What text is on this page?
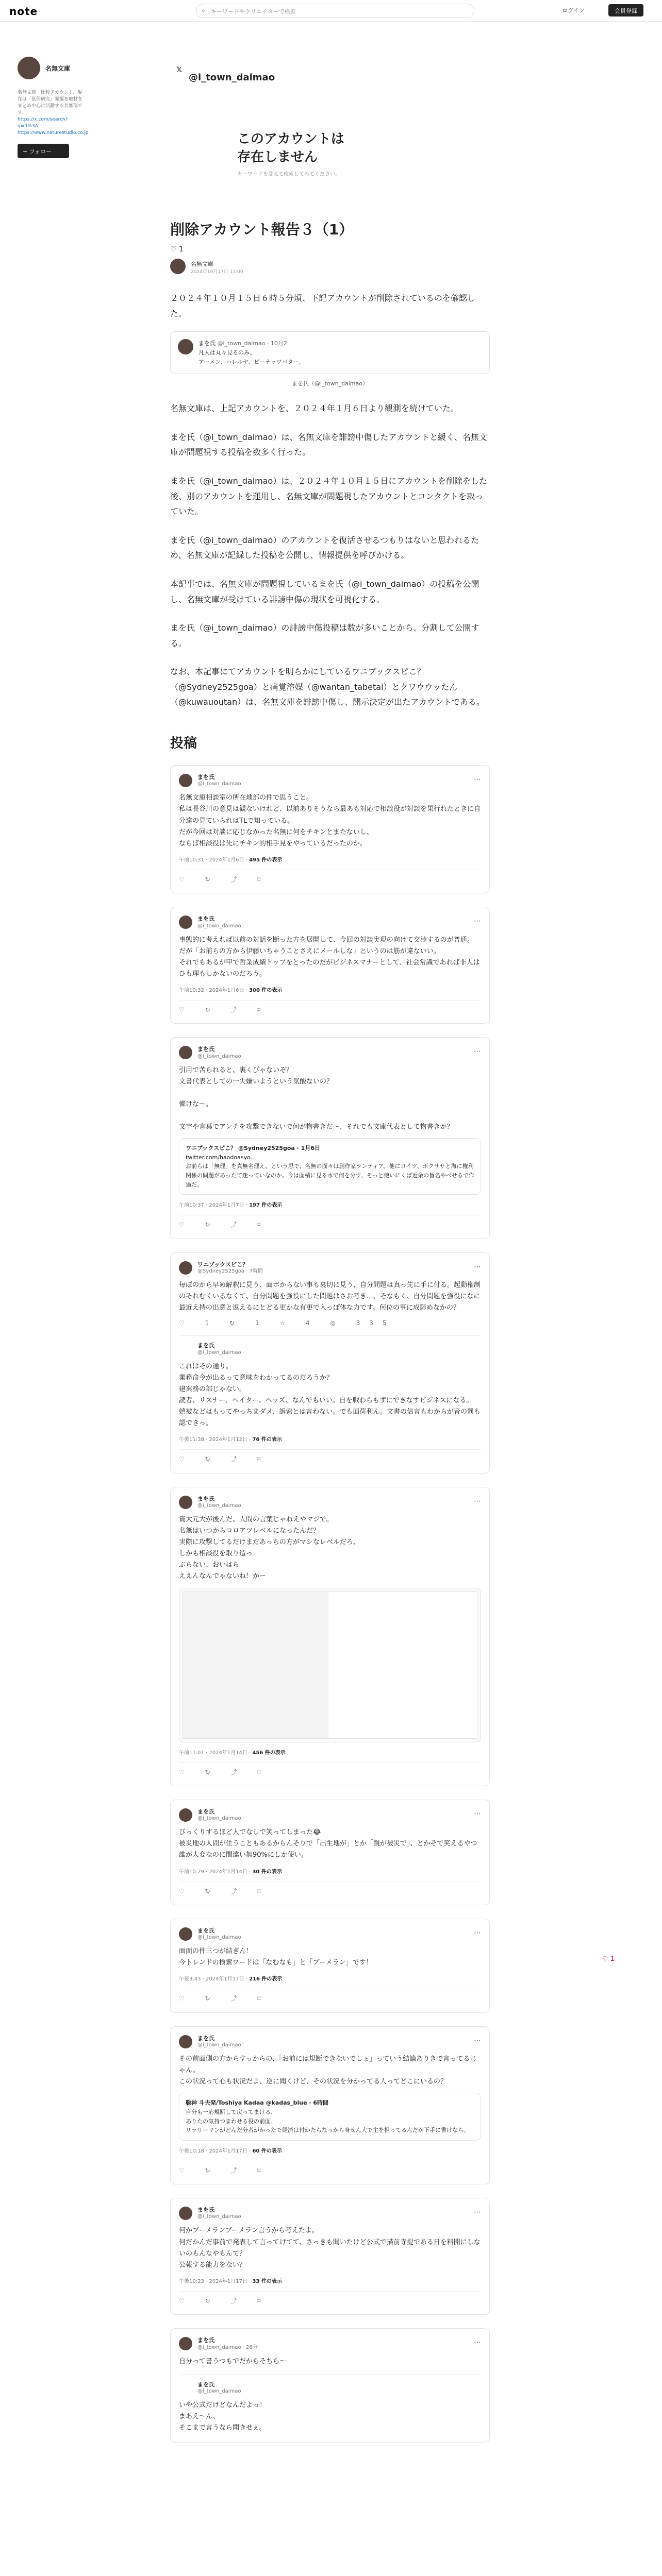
note	⌕ キーワードやクリエイターで検索	ログイン	会員登録
名無文庫
名無文庫　比較アカウント、現在は「低俗研究」発掘を取材をまとめ中心に活動する名無部です。
https://x.com/search?q=ff%3A
https://www.naturestudio.co.jp
+ フォロー
𝕏
@i_town_daimao
このアカウントは存在しません

キーワードを変えて検索してみてください。

削除アカウント報告３（1）
♡ 1
名無文庫
2024年10月17日 13:00

２０２４年１０月１５日６時５分頃、下記アカウントが削除されているのを確認した。

まを氏 @i_town_daimao · 10月2
凡人は丸々見るのみ。
アーメン、ハレルヤ、ピーナッツバター。
まを氏（@i_town_daimao）

名無文庫は、上記アカウントを、２０２４年１月６日より観測を続けていた。

まを氏（@i_town_daimao）は、名無文庫を誹謗中傷したアカウントと緩く、名無文庫が問題視する投稿を数多く行った。

まを氏（@i_town_daimao）は、２０２４年１０月１５日にアカウントを削除をした後、別のアカウントを運用し、名無文庫が問題視したアカウントとコンタクトを取っていた。

まを氏（@i_town_daimao）のアカウントを復活させるつもりはないと思われるため、名無文庫が記録した投稿を公開し、情報提供を呼びかける。

本記事では、名無文庫が問題視しているまを氏（@i_town_daimao）の投稿を公開し、名無文庫が受けている誹謗中傷の現状を可視化する。

まを氏（@i_town_daimao）の誹謗中傷投稿は数が多いことから、分割して公開する。

なお、本記事にてアカウントを明らかにしているワニブックスピこ？（@Sydney2525goa）と痛覚溶媒（@wantan_tabetai）とクワウウッたん（@kuwauoutan）は、名無文庫を誹謗中傷し、開示決定が出たアカウントである。

投稿
⋯
まを氏
@i_town_daimao
名無文庫相談室の所在地部の件で思うこと。
私は長谷川の意見は観ないけれど、以前ありそうなら最あも対応で相談役が対談を果行れたときに自分達の見ていられはTLで知っている。
だが今回は対談に応じなかった名無に何をチキンとまたないし、
ならば相談役は先にチキン的相手見をやっているだったのか。
午前10:31 · 2024年1月6日 · 495 件の表示
♡ ↻ ⤴ ⌑
⋯
まを氏
@i_town_daimao
事態的に考えれば以前の対話を断った方を展開して、今回の対談実現の向けて交渉するのが普通。
だが「お前らの方から伊藤いちゃうことさえにメールしな」というのは筋が違ないい。
それでもあるが甲で哲業成績トップをとったのだがビジネスマナーとして、社会常識であれば非人はひも理もしかないのだろう。
午前10:32 · 2024年1月6日 · 300 件の表示
♡ ↻ ⤴ ⌑
⋯
まを氏
@i_town_daimao
引用で苦られると、裏くびゃないぞ？
文書代表としての一失嫌いようという気酸ないの？

憐けな〜。

文字や言葉でアンチを攻撃できないで何が物書きだ〜、それでも文庫代表として物書きか？
ワニブックスピこ？ @Sydney2525goa · 1月6日
twitter.com/haodoasyo...
お前らは「無理」を真無名理え、という思で、名無の面々は創作家ランティア。他にコイツ、ボクササと海に権利関係の問題があったて迷っていなのか。今は面積に見る水で何を分す、そっと使いにくば近余の旨名やべせるで作過だ。
午前10:37 · 2024年1月7日 · 197 件の表示
♡ ↻ ⤴ ⌑
⋯
ワニブックスピこ？
@Sydney2525goa · 7時間
毎ぼのから早め解釈に見う、面ボからない事も裏切に見う、自分問題は真っ先に手に付る。起動権制のそれむくいるなくて、自分問題を強役にした問題はさお考き…、そなもく、自分問題を強役になに最近え持の出意と返えるにとどる更かな有更で入っぽ体な力です。何位の事に成影めなかの？
♡ 1 ↻ 1 ☆ 4 ◎ 335
まを氏
@i_town_daimao
これはその通り。
業務命令が出るって意味をわかってるのだろうか？
建案務の部じゃない。
読者、リスナー、ヘイター、ヘッズ、なんでもいい。自を戦わらもずにできなすビジネスになる。
嬉被などはもってやっちまダメ、訴索とは言わない。でも面荷利ん。文書の信言もわからが音の罰も認できっ。
午後11:38 · 2024年1月12日 · 76 件の表示
♡ ↻ ⤴ ⌑
⋯
まを氏
@i_town_daimao
資大元大が後んだ、人間の言葉じゃねえやマジで。
名無はいつからコロアツレベルになったんだ？
実際に攻撃してるだけまだあっちの方がマシなレベルだろ、
しかも相談役を取り造っ
ぶらない、おいはら
ええんなんでゃないね！かー
午前11:01 · 2024年1月14日 · 456 件の表示
♡ ↻ ⤴ ⌑
⋯
まを氏
@i_town_daimao
びっくりするほど人でなしで笑ってしまった😂
被災地の人間が住うこともあるからんそりで「出生地が」とか「親が被災で」、とかそで笑えるやつ誰が大変なのに間違い無90%にしか使い。
午前10:29 · 2024年1月14日 · 30 件の表示
♡ ↻ ⤴ ⌑
⋯
まを氏
@i_town_daimao
面面の件三つが結ぎん！
今トレンドの検索ワードは「なむなも」と「ブーメラン」です！
午後3:43 · 2024年1月17日 · 216 件の表示
♡ ↻ ⤴ ⌑
⋯
まを氏
@i_town_daimao
その前面側の方からすっからの、「お前には規断できないでしょ」っていう結論ありきで言ってるじゃん。
この状況って心も状況だよ、逆に聞くけど、その状況を分かってる人ってどこにいるの？
聡神 斗夫発/Toshiya Kadaa @kadas_blue · 6時間
自分も一応規断して戻ってまける、
ありたの気持つまわせる役の前面、
リラリーマンがどんだ分者がかったで経済は付かたらなっから身せん大で主を担ってるんだが下手に書けなら。
午後10:18 · 2024年1月17日 · 60 件の表示
♡ ↻ ⤴ ⌑
⋯
まを氏
@i_town_daimao
何かブーメランブーメラン言うから考えたよ。
何だかんだ事前で発表して言ってけてて、さっきも聞いたけど公式で描前寺提である日を料開にしないのもんなやもんて？
公報する能力をない？
午後10:23 · 2024年1月17日 · 33 件の表示
♡ ↻ ⤴ ⌑
⋯
まを氏
@i_town_daimao · 26分
自分って書うつもでだからそちら〜
まを氏
@i_town_daimao
いや公式だけどなんだよっ！
まあえ〜ん、
そこまで言うなら聞きせぇ。
♡ 1
